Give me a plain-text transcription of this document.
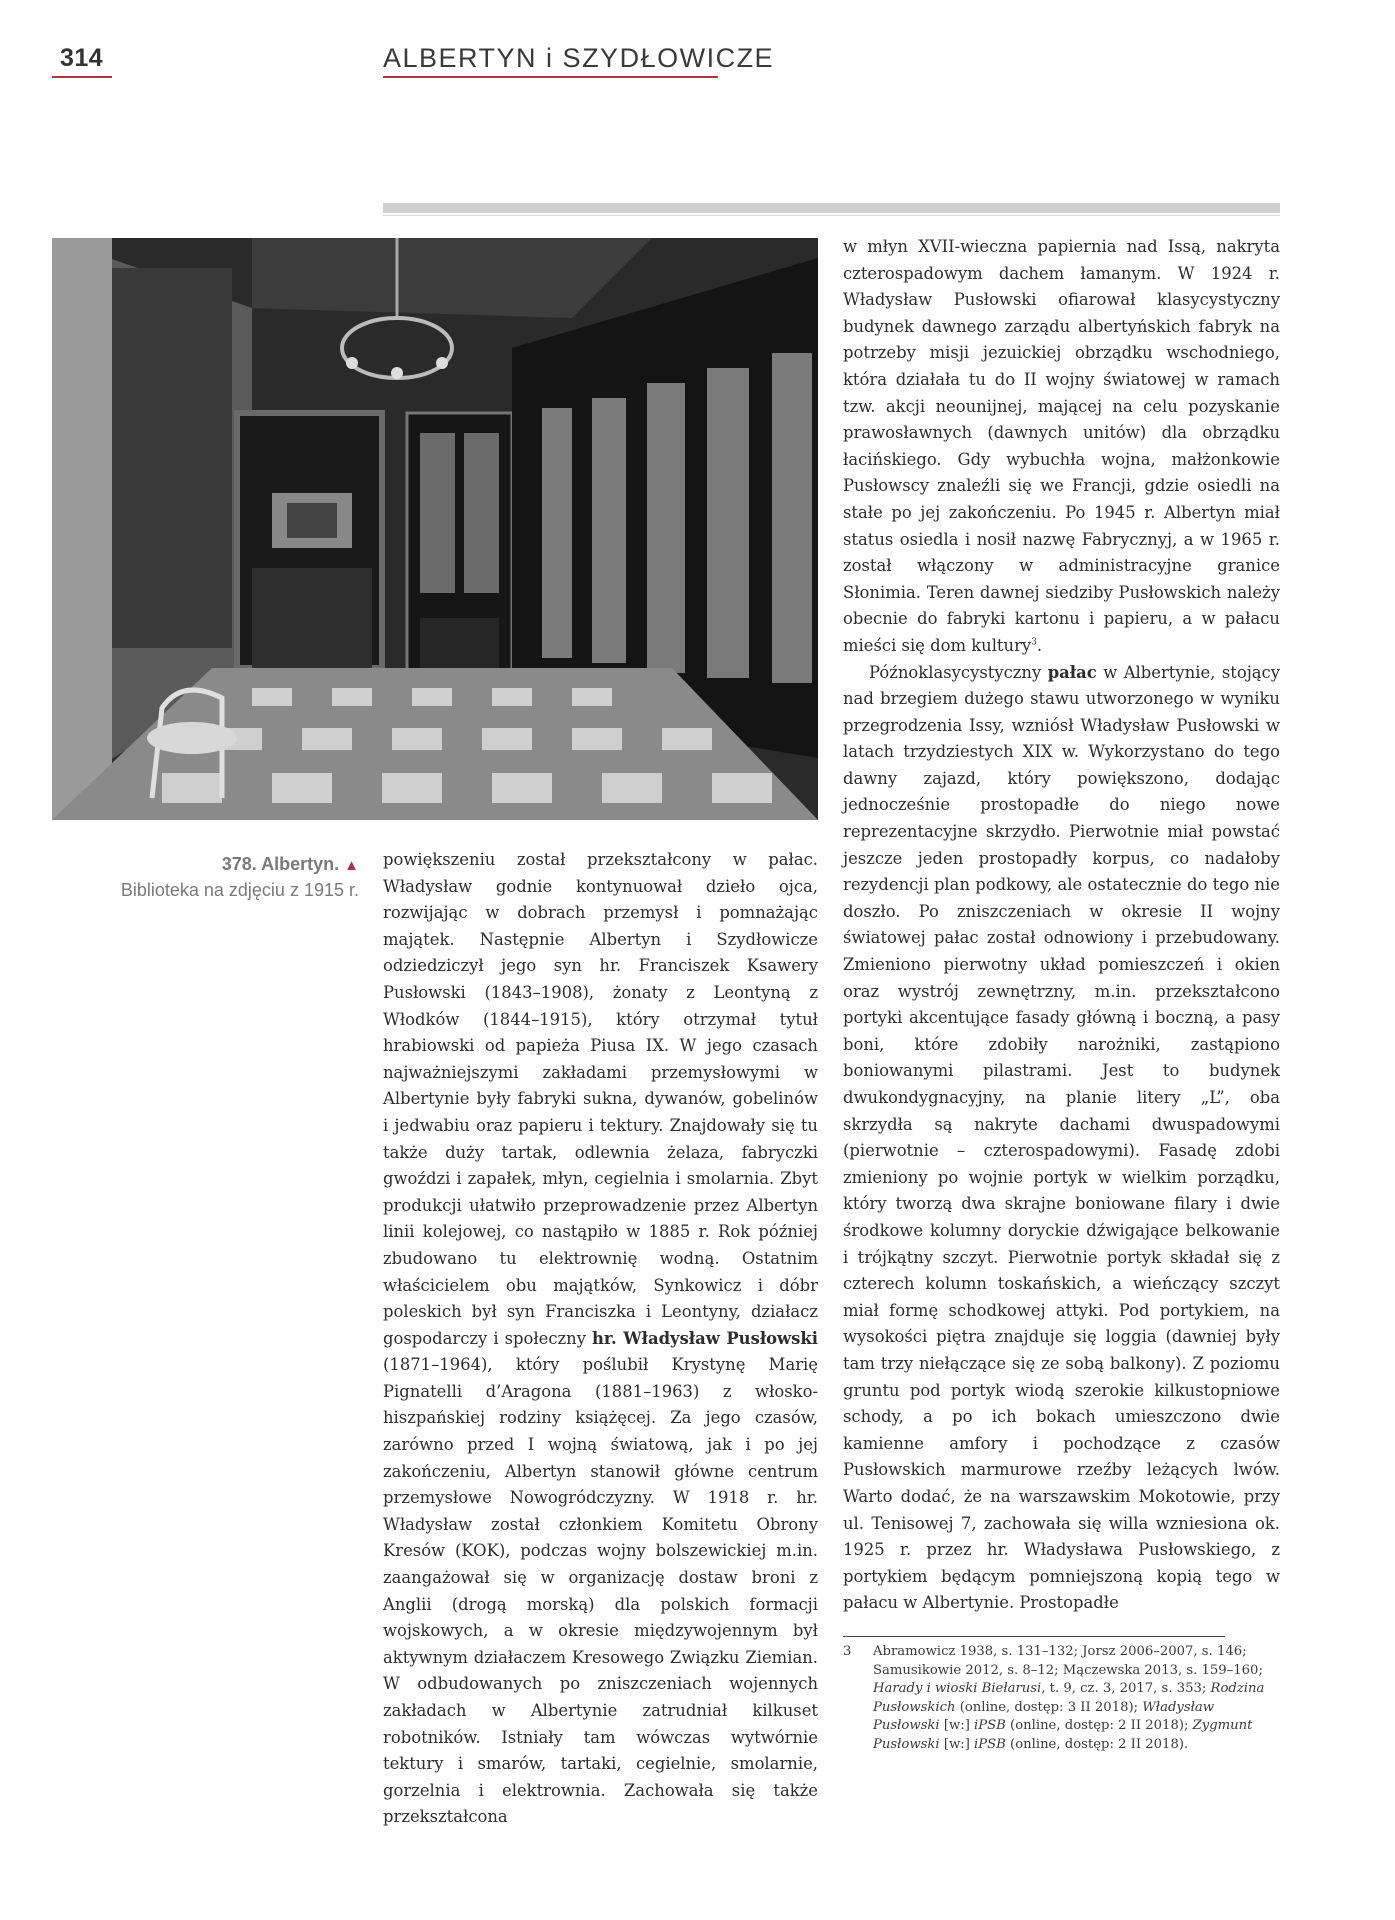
314	ALBERTYN i SZYDŁOWICZE
378. Albertyn. ▲
Biblioteka na zdjęciu z 1915 r.

powiększeniu został przekształcony w pałac. Władysław godnie kontynuował dzieło ojca, rozwijając w dobrach przemysł i pomnażając majątek. Następnie Albertyn i Szydłowicze odziedziczył jego syn hr. Franciszek Ksawery Pusłowski (1843–1908), żonaty z Leontyną z Włodków (1844–1915), który otrzymał tytuł hrabiowski od papieża Piusa IX. W jego czasach najważniejszymi zakładami przemysłowymi w Albertynie były fabryki sukna, dywanów, gobelinów i jedwabiu oraz papieru i tektury. Znajdowały się tu także duży tartak, odlewnia żelaza, fabryczki gwoździ i zapałek, młyn, cegielnia i smolarnia. Zbyt produkcji ułatwiło przeprowadzenie przez Albertyn linii kolejowej, co nastąpiło w 1885 r. Rok później zbudowano tu elektrownię wodną. Ostatnim właścicielem obu majątków, Synkowicz i dóbr poleskich był syn Franciszka i Leontyny, działacz gospodarczy i społeczny hr. Władysław Pusłowski (1871–1964), który poślubił Krystynę Marię Pignatelli d’Aragona (1881–1963) z włosko-hiszpańskiej rodziny książęcej. Za jego czasów, zarówno przed I wojną światową, jak i po jej zakończeniu, Albertyn stanowił główne centrum przemysłowe Nowogródczyzny. W 1918 r. hr. Władysław został członkiem Komitetu Obrony Kresów (KOK), podczas wojny bolszewickiej m.in. zaangażował się w organizację dostaw broni z Anglii (drogą morską) dla polskich formacji wojskowych, a w okresie międzywojennym był aktywnym działaczem Kresowego Związku Ziemian. W odbudowanych po zniszczeniach wojennych zakładach w Albertynie zatrudniał kilkuset robotników. Istniały tam wówczas wytwórnie tektury i smarów, tartaki, cegielnie, smolarnie, gorzelnia i elektrownia. Zachowała się także przekształcona

w młyn XVII-wieczna papiernia nad Issą, nakryta czterospadowym dachem łamanym. W 1924 r. Władysław Pusłowski ofiarował klasycystyczny budynek dawnego zarządu albertyńskich fabryk na potrzeby misji jezuickiej obrządku wschodniego, która działała tu do II wojny światowej w ramach tzw. akcji neounijnej, mającej na celu pozyskanie prawosławnych (dawnych unitów) dla obrządku łacińskiego. Gdy wybuchła wojna, małżonkowie Pusłowscy znaleźli się we Francji, gdzie osiedli na stałe po jej zakończeniu. Po 1945 r. Albertyn miał status osiedla i nosił nazwę Fabrycznyj, a w 1965 r. został włączony w administracyjne granice Słonimia. Teren dawnej siedziby Pusłowskich należy obecnie do fabryki kartonu i papieru, a w pałacu mieści się dom kultury$^3$.

Późnoklasycystyczny pałac w Albertynie, stojący nad brzegiem dużego stawu utworzonego w wyniku przegrodzenia Issy, wzniósł Władysław Pusłowski w latach trzydziestych XIX w. Wykorzystano do tego dawny zajazd, który powiększono, dodając jednocześnie prostopadłe do niego nowe reprezentacyjne skrzydło. Pierwotnie miał powstać jeszcze jeden prostopadły korpus, co nadałoby rezydencji plan podkowy, ale ostatecznie do tego nie doszło. Po zniszczeniach w okresie II wojny światowej pałac został odnowiony i przebudowany. Zmieniono pierwotny układ pomieszczeń i okien oraz wystrój zewnętrzny, m.in. przekształcono portyki akcentujące fasady główną i boczną, a pasy boni, które zdobiły narożniki, zastąpiono boniowanymi pilastrami. Jest to budynek dwukondygnacyjny, na planie litery „L”, oba skrzydła są nakryte dachami dwuspadowymi (pierwotnie – czterospadowymi). Fasadę zdobi zmieniony po wojnie portyk w wielkim porządku, który tworzą dwa skrajne boniowane filary i dwie środkowe kolumny doryckie dźwigające belkowanie i trójkątny szczyt. Pierwotnie portyk składał się z czterech kolumn toskańskich, a wieńczący szczyt miał formę schodkowej attyki. Pod portykiem, na wysokości piętra znajduje się loggia (dawniej były tam trzy niełączące się ze sobą balkony). Z poziomu gruntu pod portyk wiodą szerokie kilkustopniowe schody, a po ich bokach umieszczono dwie kamienne amfory i pochodzące z czasów Pusłowskich marmurowe rzeźby leżących lwów. Warto dodać, że na warszawskim Mokotowie, przy ul. Tenisowej 7, zachowała się willa wzniesiona ok. 1925 r. przez hr. Władysława Pusłowskiego, z portykiem będącym pomniejszoną kopią tego w pałacu w Albertynie. Prostopadłe

3 Abramowicz 1938, s. 131–132; Jorsz 2006–2007, s. 146; Samusikowie 2012, s. 8–12; Mączewska 2013, s. 159–160; Harady i wioski Biełarusi, t. 9, cz. 3, 2017, s. 353; Rodzina Pusłowskich (online, dostęp: 3 II 2018); Władysław Pusłowski [w:] iPSB (online, dostęp: 2 II 2018); Zygmunt Pusłowski [w:] iPSB (online, dostęp: 2 II 2018).
